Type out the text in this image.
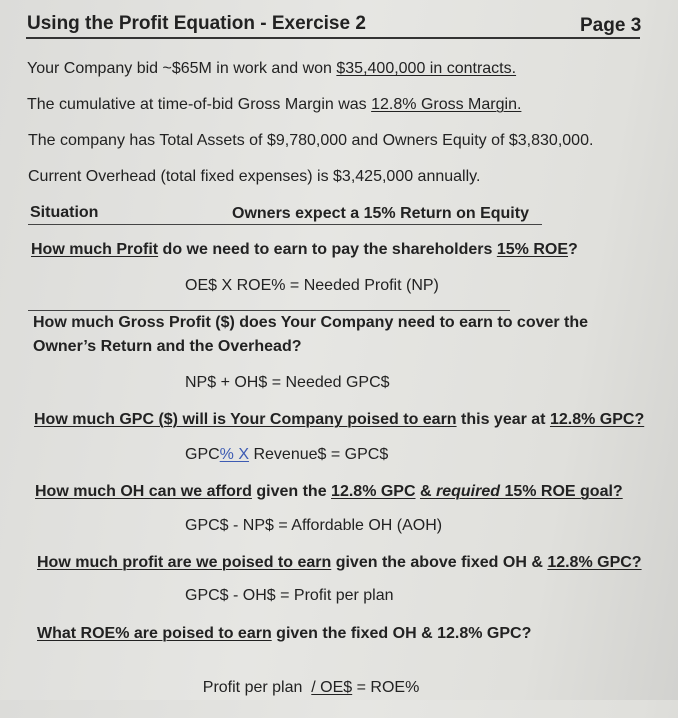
Using the Profit Equation - Exercise 2	Page 3
Your Company bid ~$65M in work and won $35,400,000 in contracts.
The cumulative at time-of-bid Gross Margin was 12.8% Gross Margin.
The company has Total Assets of $9,780,000 and Owners Equity of $3,830,000.
Current Overhead (total fixed expenses) is $3,425,000 annually.
Situation	Owners expect a 15% Return on Equity
How much Profit do we need to earn to pay the shareholders 15% ROE?
OE$ X ROE% = Needed Profit (NP)
How much Gross Profit ($) does Your Company need to earn to cover the
Owner’s Return and the Overhead?
NP$ + OH$ = Needed GPC$
How much GPC ($) will is Your Company poised to earn this year at 12.8% GPC?
GPC% X Revenue$ = GPC$
How much OH can we afford given the 12.8% GPC & required 15% ROE goal?
GPC$ - NP$ = Affordable OH (AOH)
How much profit are we poised to earn given the above fixed OH & 12.8% GPC?
GPC$ - OH$ = Profit per plan
What ROE% are poised to earn given the fixed OH & 12.8% GPC?

Profit per plan  / OE$ = ROE%
